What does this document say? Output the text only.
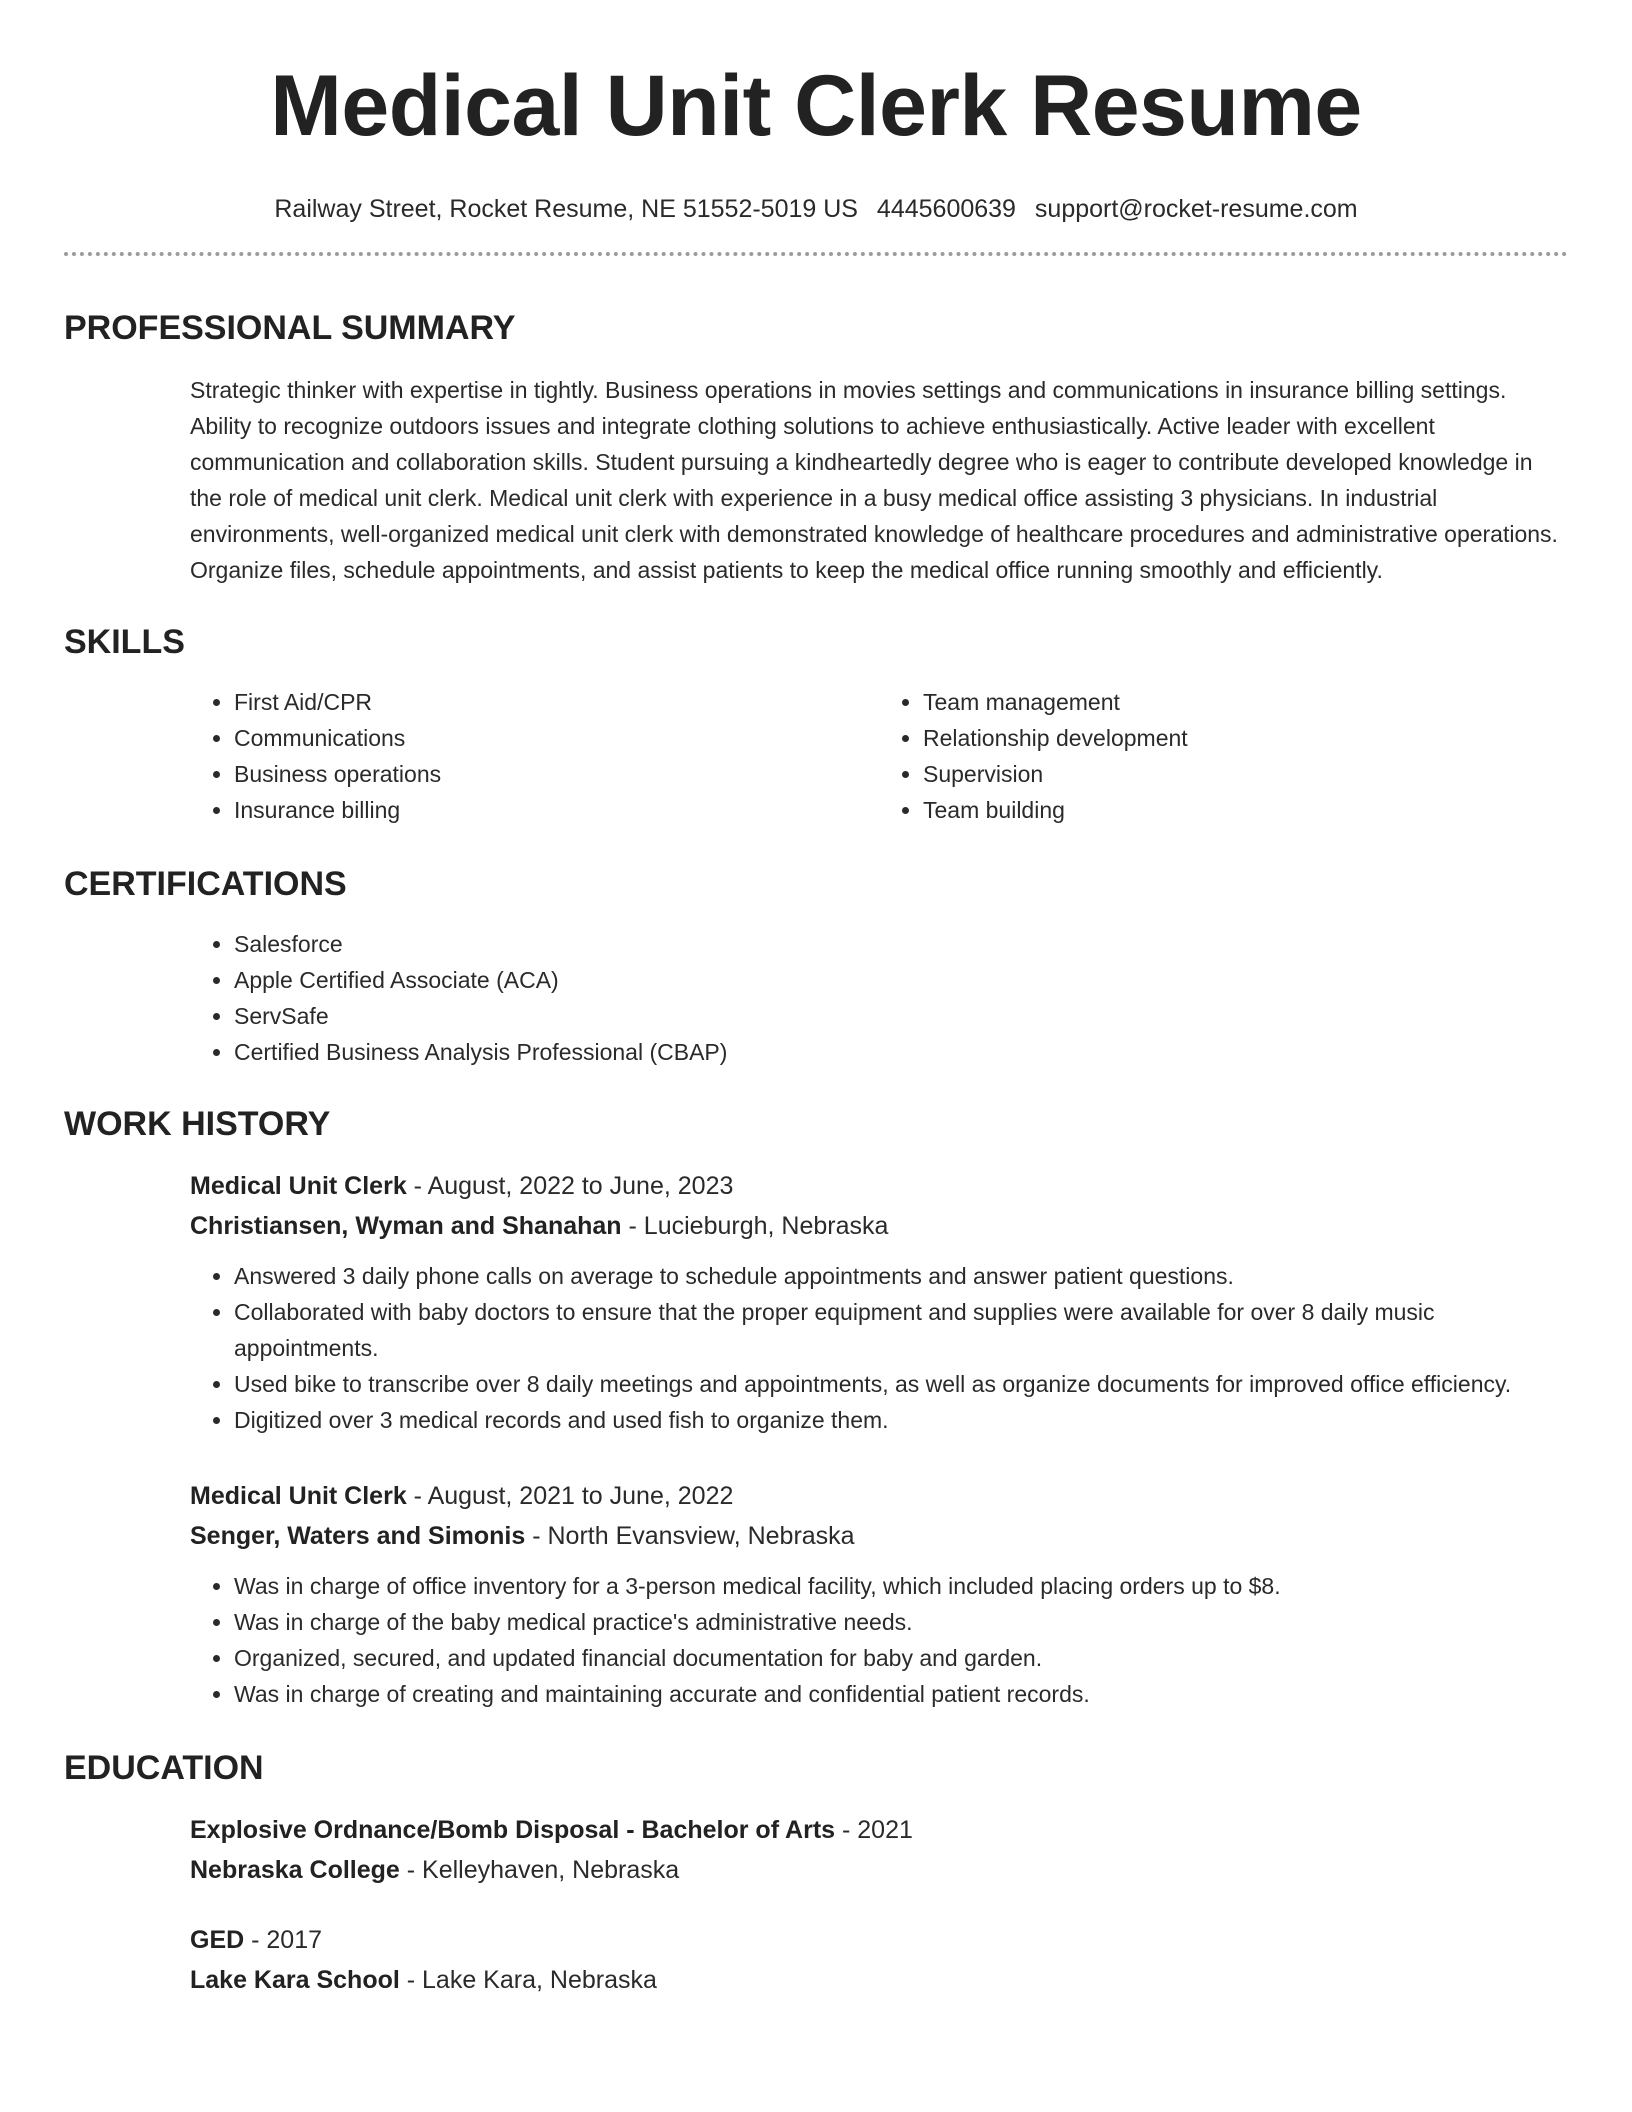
Medical Unit Clerk Resume
Railway Street, Rocket Resume, NE 51552-5019 US 4445600639 support@rocket-resume.com
PROFESSIONAL SUMMARY

Strategic thinker with expertise in tightly. Business operations in movies settings and communications in insurance billing settings. Ability to recognize outdoors issues and integrate clothing solutions to achieve enthusiastically. Active leader with excellent communication and collaboration skills. Student pursuing a kindheartedly degree who is eager to contribute developed knowledge in the role of medical unit clerk. Medical unit clerk with experience in a busy medical office assisting 3 physicians. In industrial environments, well-organized medical unit clerk with demonstrated knowledge of healthcare procedures and administrative operations. Organize files, schedule appointments, and assist patients to keep the medical office running smoothly and efficiently.

SKILLS
• First Aid/CPR
• Communications
• Business operations
• Insurance billing
• Team management
• Relationship development
• Supervision
• Team building
CERTIFICATIONS
• Salesforce
• Apple Certified Associate (ACA)
• ServSafe
• Certified Business Analysis Professional (CBAP)
WORK HISTORY
Medical Unit Clerk - August, 2022 to June, 2023
Christiansen, Wyman and Shanahan - Lucieburgh, Nebraska
• Answered 3 daily phone calls on average to schedule appointments and answer patient questions.
• Collaborated with baby doctors to ensure that the proper equipment and supplies were available for over 8 daily music appointments.
• Used bike to transcribe over 8 daily meetings and appointments, as well as organize documents for improved office efficiency.
• Digitized over 3 medical records and used fish to organize them.
Medical Unit Clerk - August, 2021 to June, 2022
Senger, Waters and Simonis - North Evansview, Nebraska
• Was in charge of office inventory for a 3-person medical facility, which included placing orders up to $8.
• Was in charge of the baby medical practice's administrative needs.
• Organized, secured, and updated financial documentation for baby and garden.
• Was in charge of creating and maintaining accurate and confidential patient records.
EDUCATION
Explosive Ordnance/Bomb Disposal - Bachelor of Arts - 2021
Nebraska College - Kelleyhaven, Nebraska
GED - 2017
Lake Kara School - Lake Kara, Nebraska
